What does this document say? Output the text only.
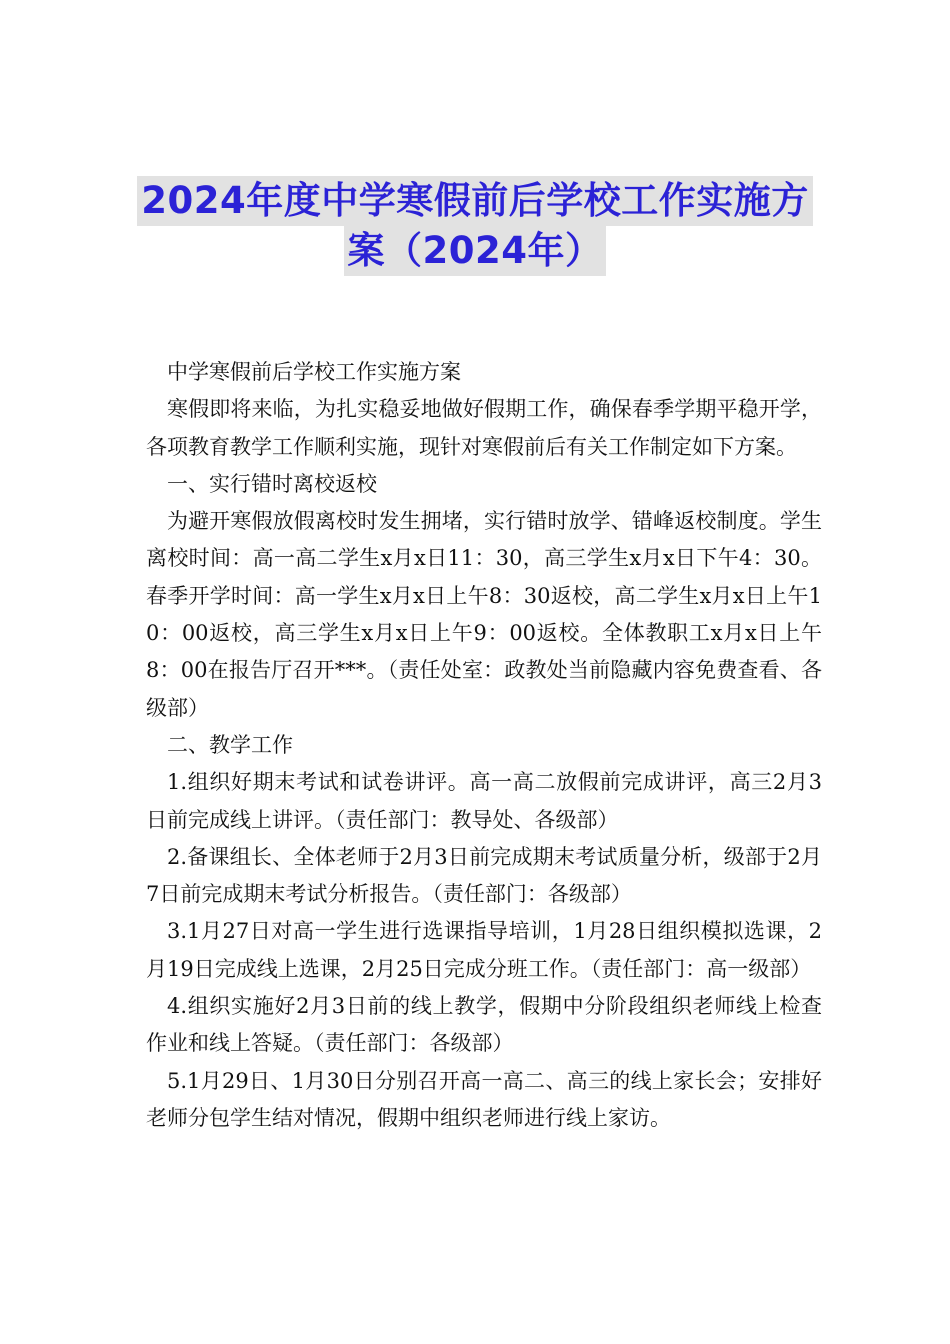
2024年度中学寒假前后学校工作实施方
案（2024年）

中学寒假前后学校工作实施方案

寒假即将来临，为扎实稳妥地做好假期工作，确保春季学期平稳开学，各项教育教学工作顺利实施，现针对寒假前后有关工作制定如下方案。

一、实行错时离校返校

为避开寒假放假离校时发生拥堵，实行错时放学、错峰返校制度。学生离校时间：高一高二学生x月x日11：30，高三学生x月x日下午4：30。春季开学时间：高一学生x月x日上午8：30返校，高二学生x月x日上午10：00返校，高三学生x月x日上午9：00返校。全体教职工x月x日上午8：00在报告厅召开***。（责任处室：政教处当前隐藏内容免费查看、各级部）

二、教学工作

1.组织好期末考试和试卷讲评。高一高二放假前完成讲评，高三2月3日前完成线上讲评。（责任部门：教导处、各级部）

2.备课组长、全体老师于2月3日前完成期末考试质量分析，级部于2月7日前完成期末考试分析报告。（责任部门：各级部）

3.1月27日对高一学生进行选课指导培训，1月28日组织模拟选课，2月19日完成线上选课，2月25日完成分班工作。（责任部门：高一级部）

4.组织实施好2月3日前的线上教学，假期中分阶段组织老师线上检查作业和线上答疑。（责任部门：各级部）

5.1月29日、1月30日分别召开高一高二、高三的线上家长会；安排好老师分包学生结对情况，假期中组织老师进行线上家访。
